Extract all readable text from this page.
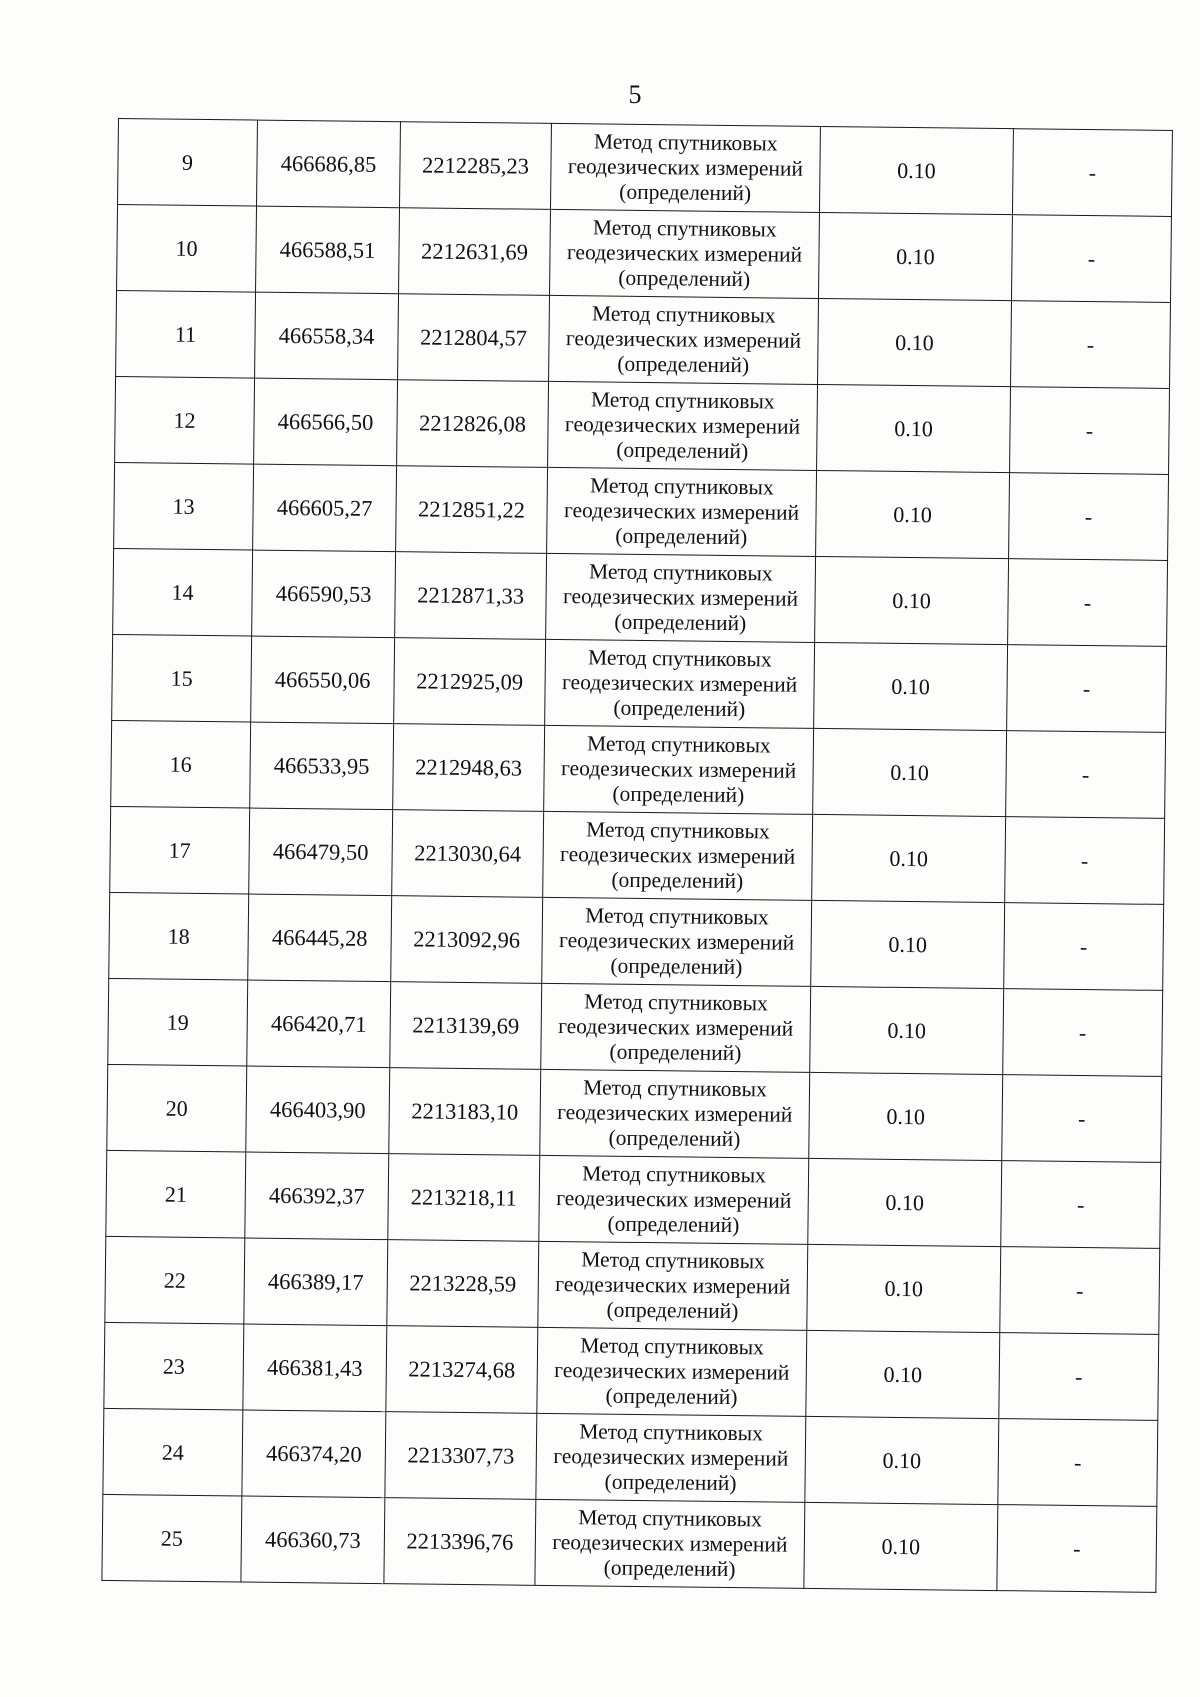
5
9	466686,85	2212285,23	Метод спутниковых
геодезических измерений
(определений)	0.10	-
10	466588,51	2212631,69	Метод спутниковых
геодезических измерений
(определений)	0.10	-
11	466558,34	2212804,57	Метод спутниковых
геодезических измерений
(определений)	0.10	-
12	466566,50	2212826,08	Метод спутниковых
геодезических измерений
(определений)	0.10	-
13	466605,27	2212851,22	Метод спутниковых
геодезических измерений
(определений)	0.10	-
14	466590,53	2212871,33	Метод спутниковых
геодезических измерений
(определений)	0.10	-
15	466550,06	2212925,09	Метод спутниковых
геодезических измерений
(определений)	0.10	-
16	466533,95	2212948,63	Метод спутниковых
геодезических измерений
(определений)	0.10	-
17	466479,50	2213030,64	Метод спутниковых
геодезических измерений
(определений)	0.10	-
18	466445,28	2213092,96	Метод спутниковых
геодезических измерений
(определений)	0.10	-
19	466420,71	2213139,69	Метод спутниковых
геодезических измерений
(определений)	0.10	-
20	466403,90	2213183,10	Метод спутниковых
геодезических измерений
(определений)	0.10	-
21	466392,37	2213218,11	Метод спутниковых
геодезических измерений
(определений)	0.10	-
22	466389,17	2213228,59	Метод спутниковых
геодезических измерений
(определений)	0.10	-
23	466381,43	2213274,68	Метод спутниковых
геодезических измерений
(определений)	0.10	-
24	466374,20	2213307,73	Метод спутниковых
геодезических измерений
(определений)	0.10	-
25	466360,73	2213396,76	Метод спутниковых
геодезических измерений
(определений)	0.10	-
